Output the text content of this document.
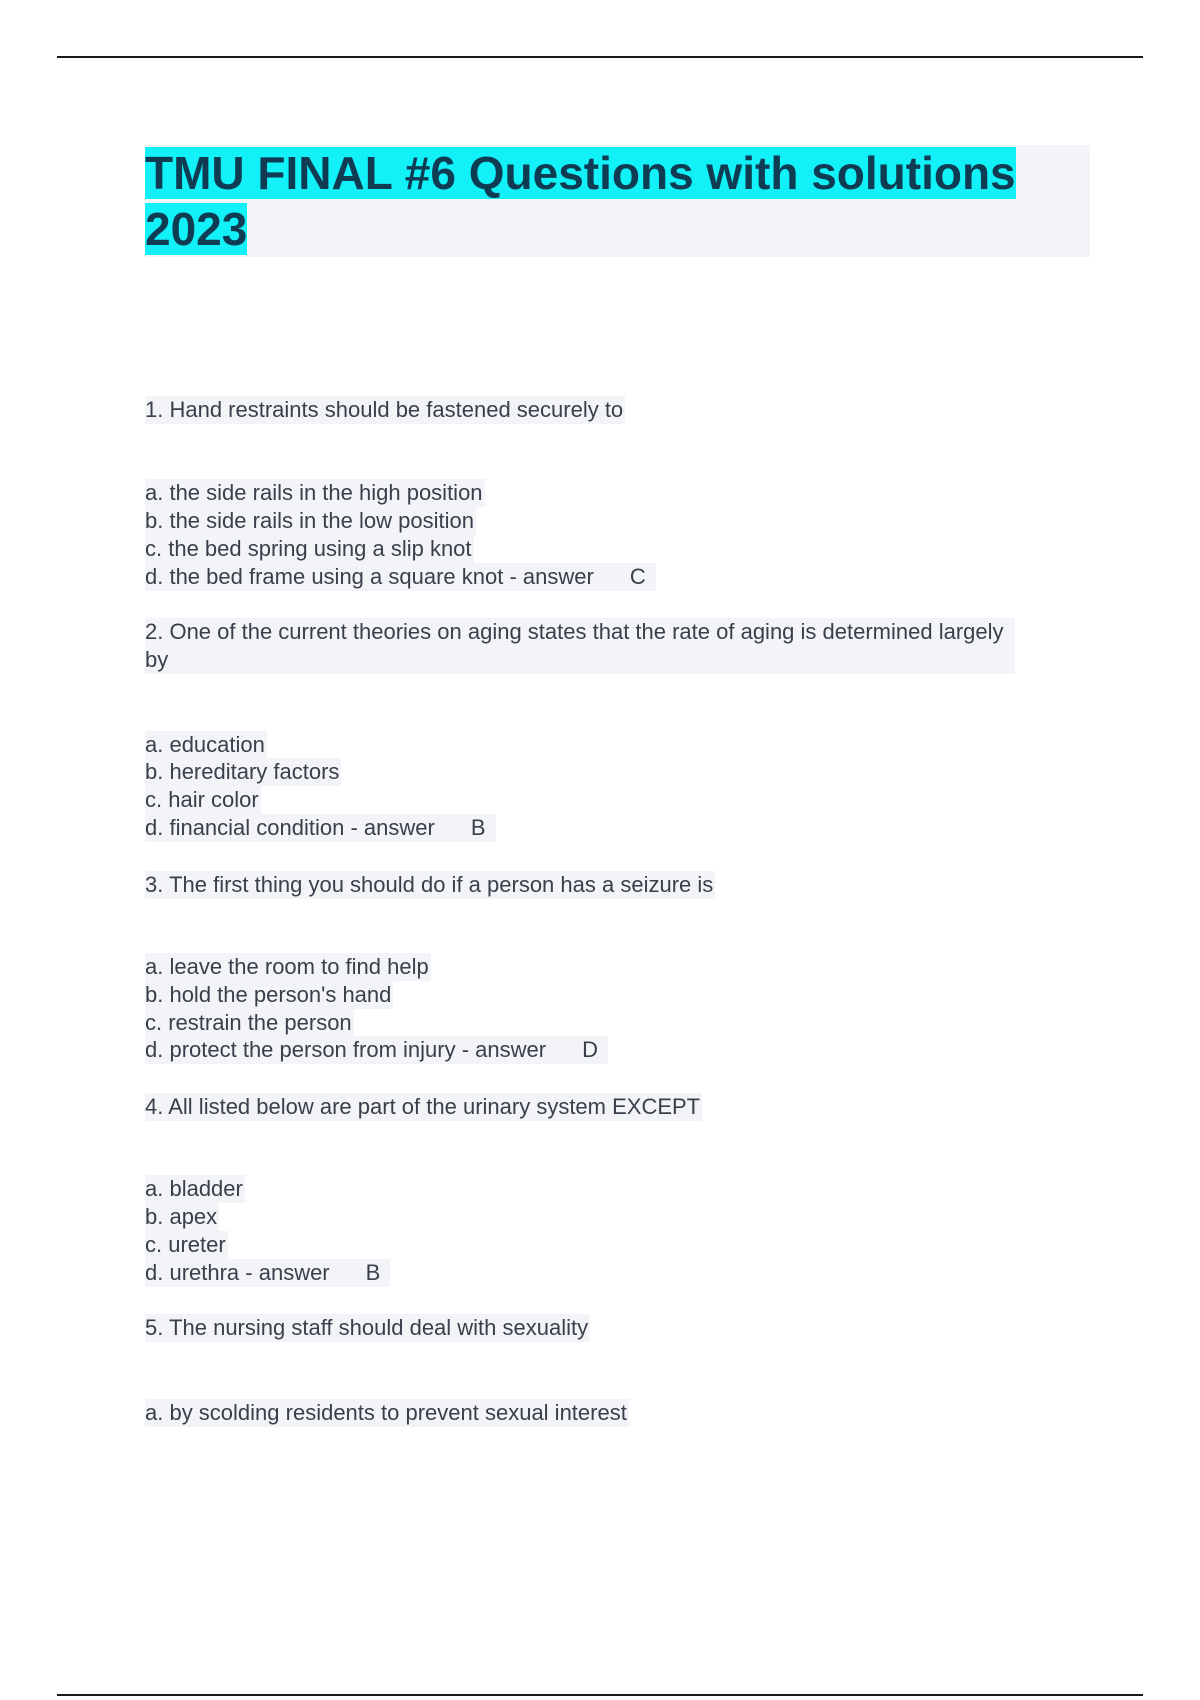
TMU FINAL #6 Questions with solutions 2023
1. Hand restraints should be fastened securely to
a. the side rails in the high position
b. the side rails in the low position
c. the bed spring using a slip knot
d. the bed frame using a square knot - answer C
2. One of the current theories on aging states that the rate of aging is determined largely by
a. education
b. hereditary factors
c. hair color
d. financial condition - answer B
3. The first thing you should do if a person has a seizure is
a. leave the room to find help
b. hold the person's hand
c. restrain the person
d. protect the person from injury - answer D
4. All listed below are part of the urinary system EXCEPT
a. bladder
b. apex
c. ureter
d. urethra - answer B
5. The nursing staff should deal with sexuality
a. by scolding residents to prevent sexual interest
